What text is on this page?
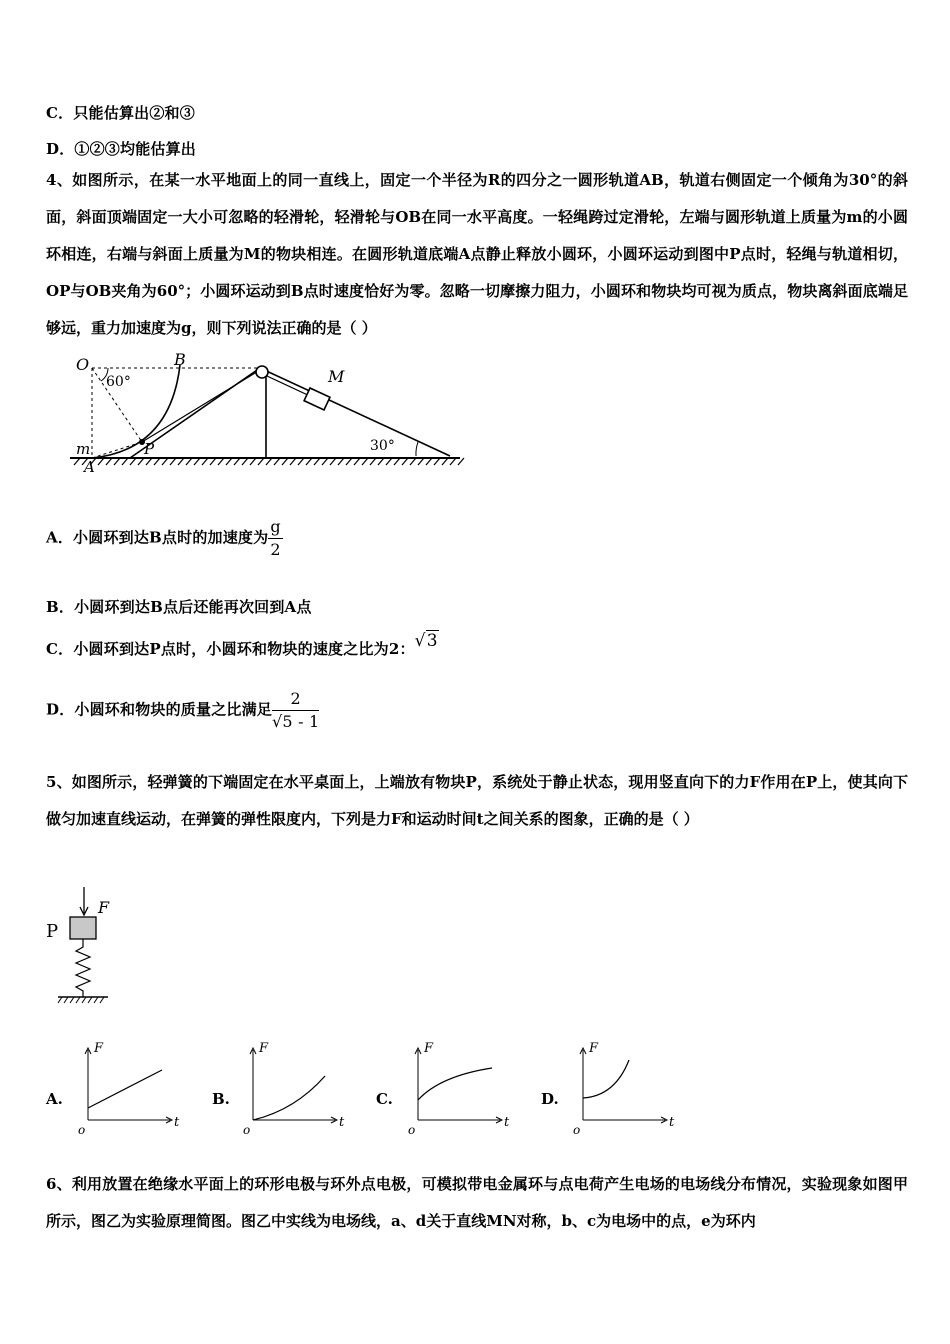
C．只能估算出②和③
D．①②③均能估算出
4、如图所示，在某一水平地面上的同一直线上，固定一个半径为R的四分之一圆形轨道AB，轨道右侧固定一个倾角为30°的斜面，斜面顶端固定一大小可忽略的轻滑轮，轻滑轮与OB在同一水平高度。一轻绳跨过定滑轮，左端与圆形轨道上质量为m的小圆环相连，右端与斜面上质量为M的物块相连。在圆形轨道底端A点静止释放小圆环，小圆环运动到图中P点时，轻绳与轨道相切，OP与OB夹角为60°；小圆环运动到B点时速度恰好为零。忽略一切摩擦力阻力，小圆环和物块均可视为质点，物块离斜面底端足够远，重力加速度为g，则下列说法正确的是（ ）
O
60°
B
M
m
A
P	30°
A．小圆环到达B点时的加速度为 $\frac{g}{2}$
B．小圆环到达B点后还能再次回到A点
C．小圆环到达P点时，小圆环和物块的速度之比为2：√3
D．小圆环和物块的质量之比满足 $\frac{2}{√5 - 1}$
5、如图所示，轻弹簧的下端固定在水平桌面上，上端放有物块P，系统处于静止状态，现用竖直向下的力F作用在P上，使其向下做匀加速直线运动，在弹簧的弹性限度内，下列是力F和运动时间t之间关系的图象，正确的是（ ）
P
F
A.	B.	C.	D.
F
t
o
F
t
o
F
t
o
F
t
o
6、利用放置在绝缘水平面上的环形电极与环外点电极，可模拟带电金属环与点电荷产生电场的电场线分布情况，实验现象如图甲所示，图乙为实验原理简图。图乙中实线为电场线，a、d关于直线MN对称，b、c为电场中的点，e为环内
